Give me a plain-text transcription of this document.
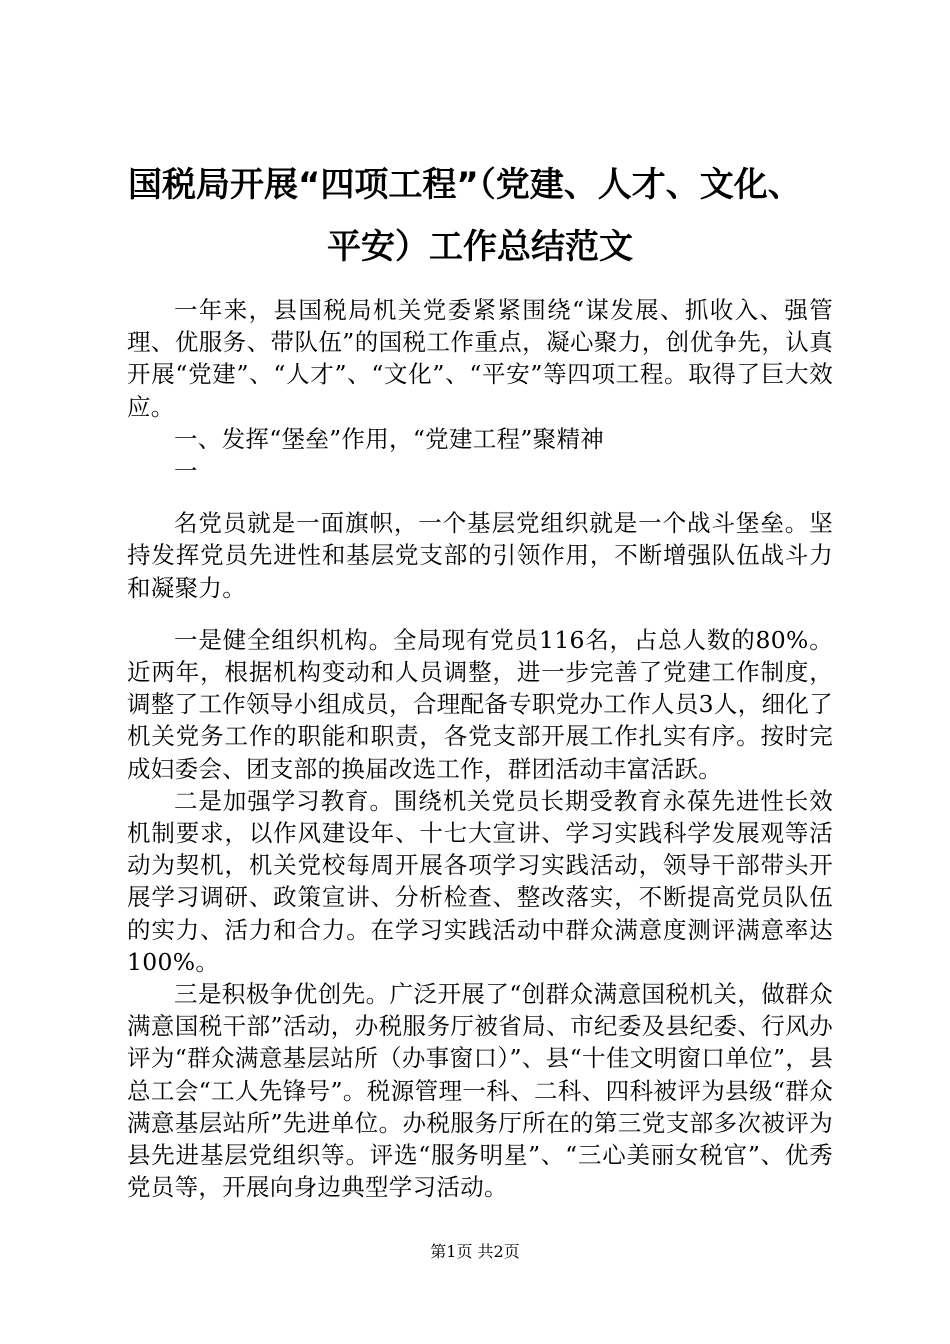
国税局开展“四项工程”（党建、人才、文化、
平安）工作总结范文

一年来，县国税局机关党委紧紧围绕“谋发展、抓收入、强管理、优服务、带队伍”的国税工作重点，凝心聚力，创优争先，认真开展“党建”、“人才”、“文化”、“平安”等四项工程。取得了巨大效应。

一、发挥“堡垒”作用，“党建工程”聚精神

一

名党员就是一面旗帜，一个基层党组织就是一个战斗堡垒。坚持发挥党员先进性和基层党支部的引领作用，不断增强队伍战斗力和凝聚力。

一是健全组织机构。全局现有党员116名，占总人数的80%。近两年，根据机构变动和人员调整，进一步完善了党建工作制度，调整了工作领导小组成员，合理配备专职党办工作人员3人，细化了机关党务工作的职能和职责，各党支部开展工作扎实有序。按时完成妇委会、团支部的换届改选工作，群团活动丰富活跃。

二是加强学习教育。围绕机关党员长期受教育永葆先进性长效机制要求，以作风建设年、十七大宣讲、学习实践科学发展观等活动为契机，机关党校每周开展各项学习实践活动，领导干部带头开展学习调研、政策宣讲、分析检查、整改落实，不断提高党员队伍的实力、活力和合力。在学习实践活动中群众满意度测评满意率达100%。

三是积极争优创先。广泛开展了“创群众满意国税机关，做群众满意国税干部”活动，办税服务厅被省局、市纪委及县纪委、行风办评为“群众满意基层站所（办事窗口）”、县“十佳文明窗口单位”，县总工会“工人先锋号”。税源管理一科、二科、四科被评为县级“群众满意基层站所”先进单位。办税服务厅所在的第三党支部多次被评为县先进基层党组织等。评选“服务明星”、“三心美丽女税官”、优秀党员等，开展向身边典型学习活动。

第1页 共2页
